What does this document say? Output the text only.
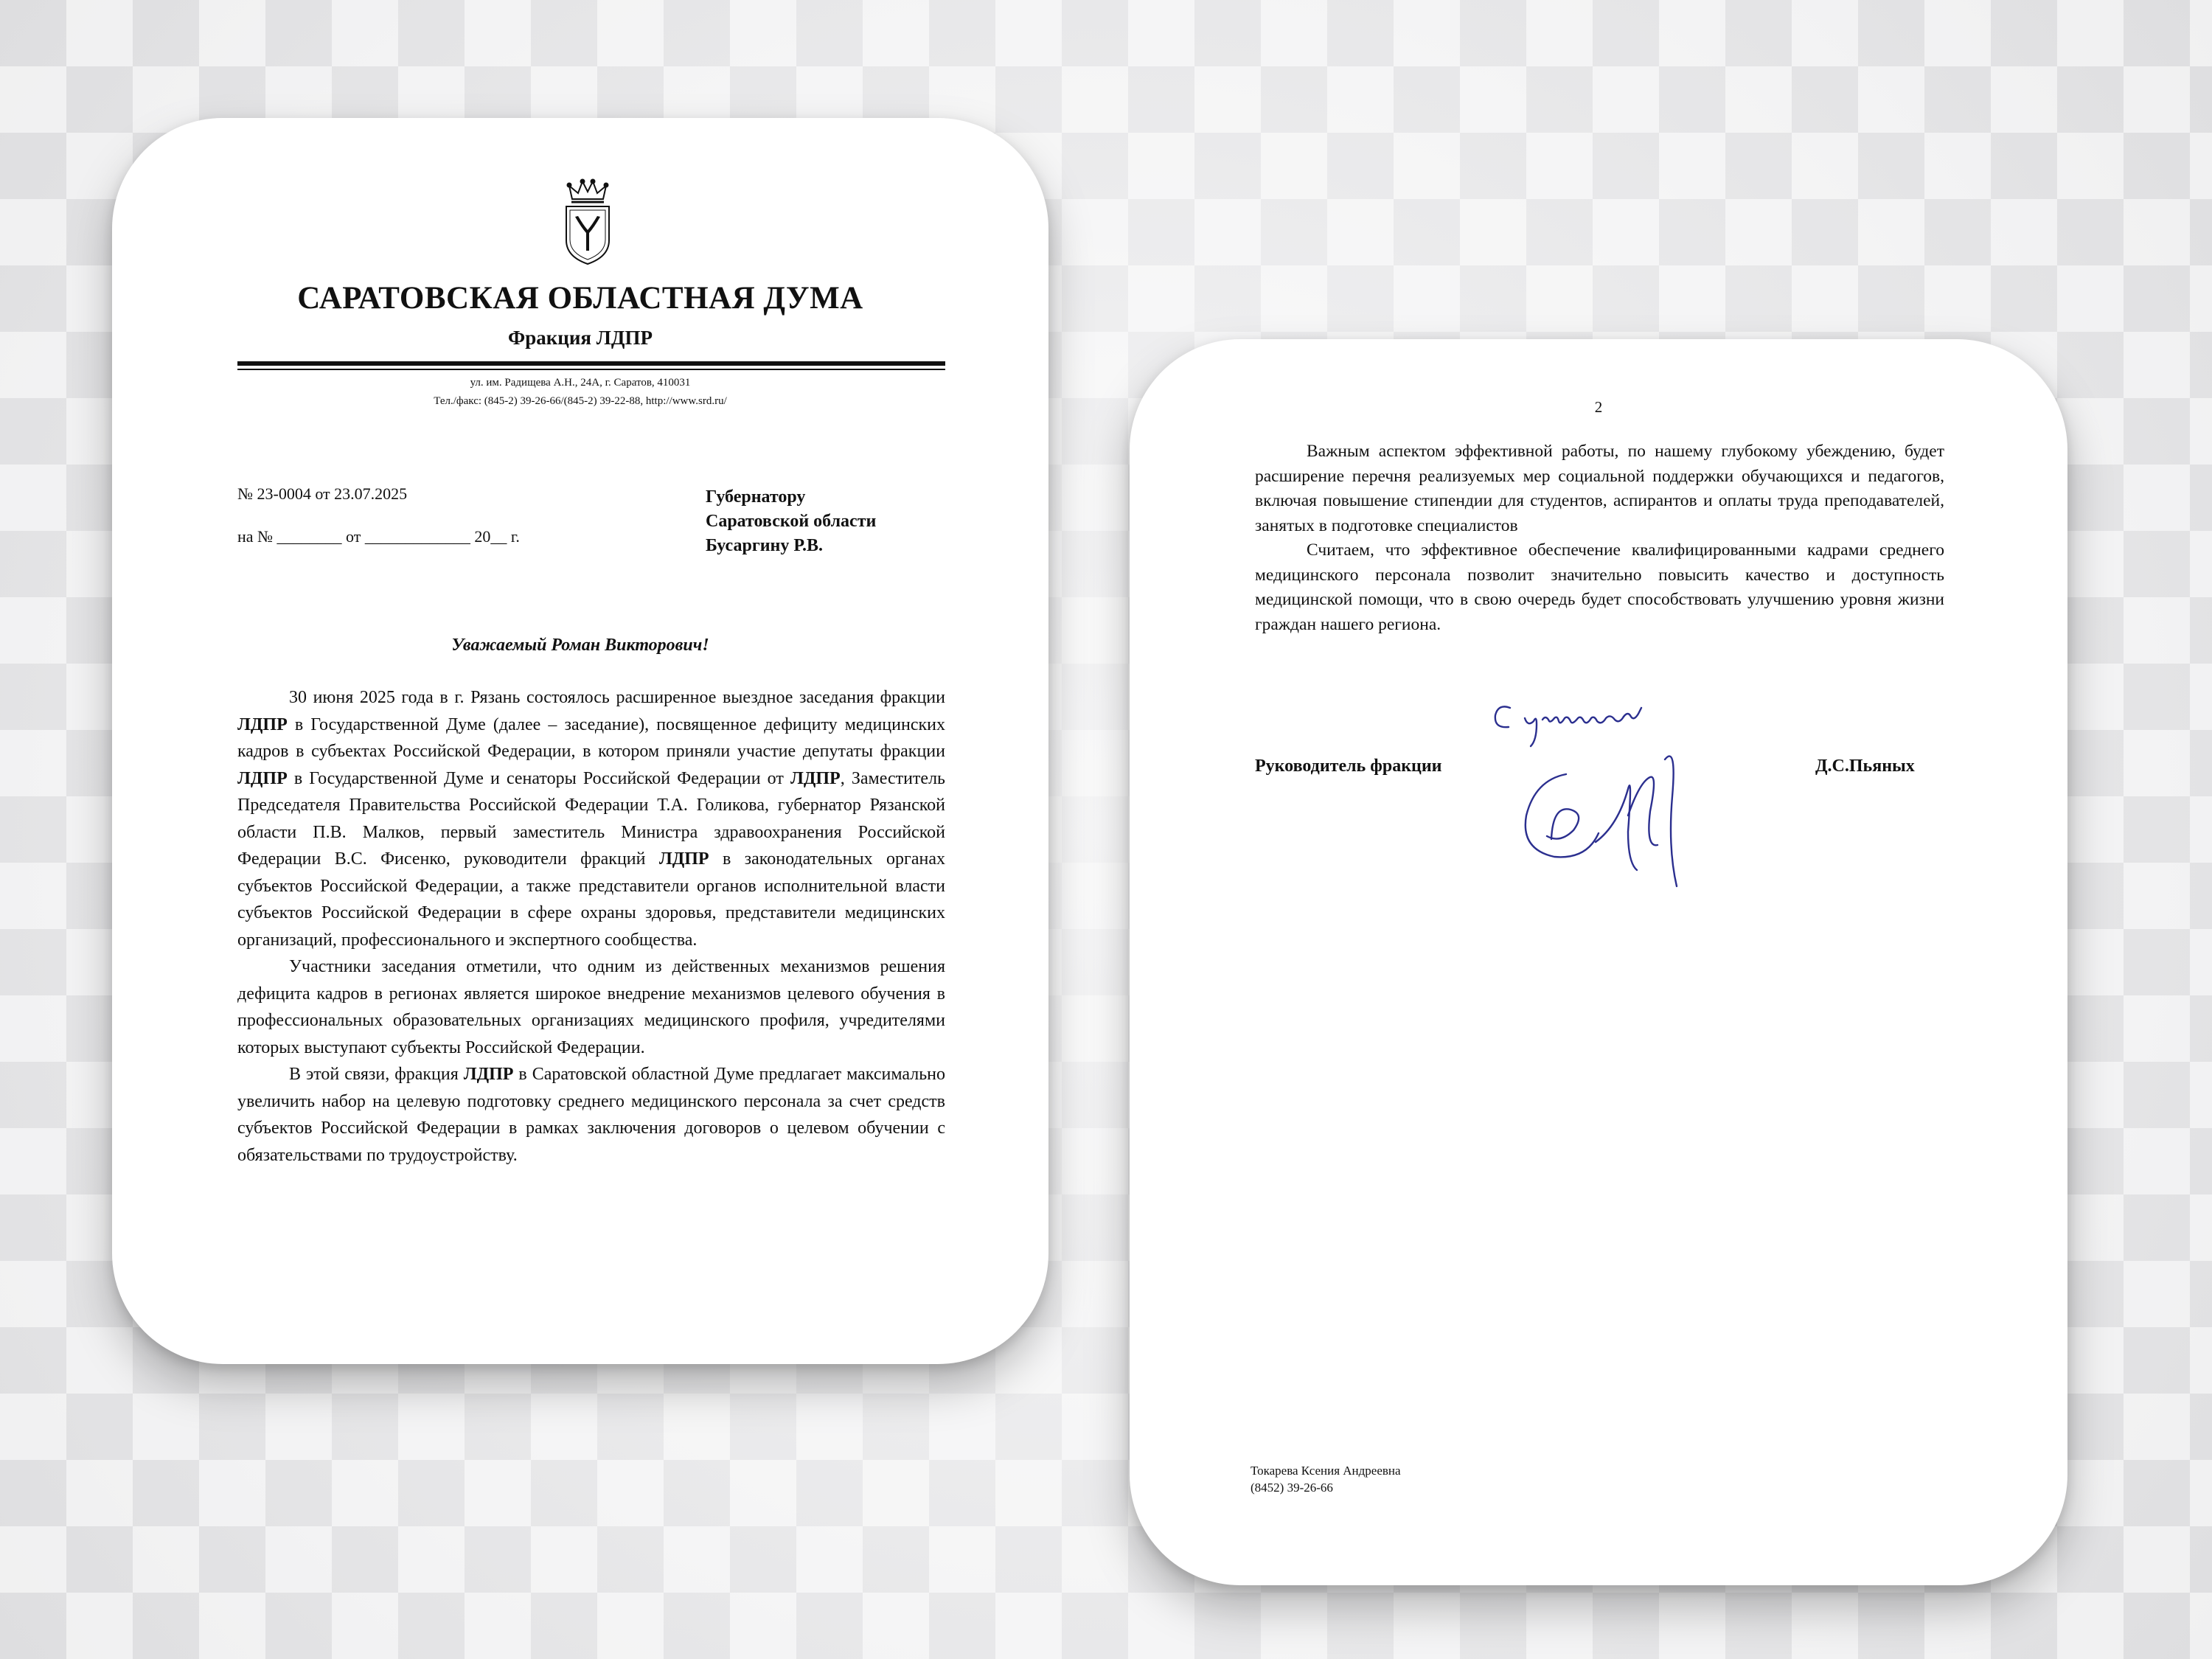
САРАТОВСКАЯ ОБЛАСТНАЯ ДУМА
Фракция ЛДПР
ул. им. Радищева А.Н., 24А, г. Саратов, 410031
Тел./факс: (845-2) 39-26-66/(845-2) 39-22-88, http://www.srd.ru/
№ 23-0004 от 23.07.2025
на № ________ от _____________ 20__ г.
Губернатору
Саратовской области
Бусаргину Р.В.
Уважаемый Роман Викторович!

30 июня 2025 года в г. Рязань состоялось расширенное выездное заседания фракции ЛДПР в Государственной Думе (далее – заседание), посвященное дефициту медицинских кадров в субъектах Российской Федерации, в котором приняли участие депутаты фракции ЛДПР в Государственной Думе и сенаторы Российской Федерации от ЛДПР, Заместитель Председателя Правительства Российской Федерации Т.А. Голикова, губернатор Рязанской области П.В. Малков, первый заместитель Министра здравоохранения Российской Федерации В.С. Фисенко, руководители фракций ЛДПР в законодательных органах субъектов Российской Федерации, а также представители органов исполнительной власти субъектов Российской Федерации в сфере охраны здоровья, представители медицинских организаций, профессионального и экспертного сообщества.

Участники заседания отметили, что одним из действенных механизмов решения дефицита кадров в регионах является широкое внедрение механизмов целевого обучения в профессиональных образовательных организациях медицинского профиля, учредителями которых выступают субъекты Российской Федерации.

В этой связи, фракция ЛДПР в Саратовской областной Думе предлагает максимально увеличить набор на целевую подготовку среднего медицинского персонала за счет средств субъектов Российской Федерации в рамках заключения договоров о целевом обучении с обязательствами по трудоустройству.

2

Важным аспектом эффективной работы, по нашему глубокому убеждению, будет расширение перечня реализуемых мер социальной поддержки обучающихся и педагогов, включая повышение стипендии для студентов, аспирантов и оплаты труда преподавателей, занятых в подготовке специалистов

Считаем, что эффективное обеспечение квалифицированными кадрами среднего медицинского персонала позволит значительно повысить качество и доступность медицинской помощи, что в свою очередь будет способствовать улучшению уровня жизни граждан нашего региона.

Руководитель фракции	Д.С.Пьяных
Токарева Ксения Андреевна
(8452) 39-26-66
